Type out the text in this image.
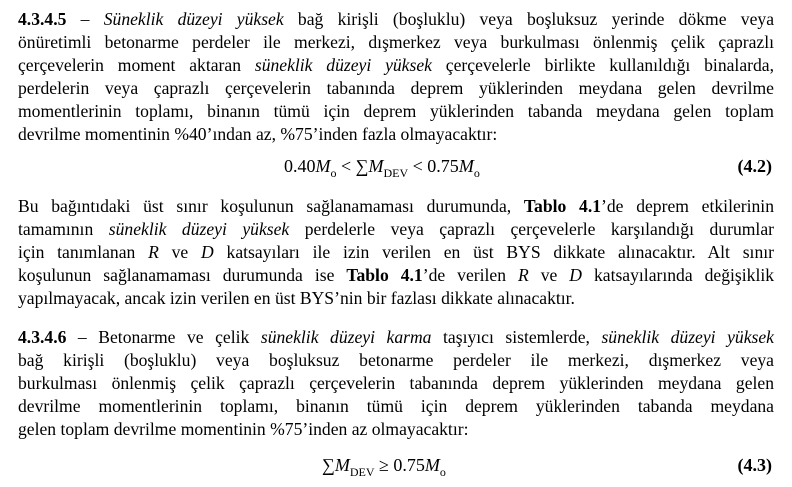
4.3.4.5 – Süneklik düzeyi yüksek bağ kirişli (boşluklu) veya boşluksuz yerinde dökme veya
önüretimli betonarme perdeler ile merkezi, dışmerkez veya burkulması önlenmiş çelik çaprazlı
çerçevelerin moment aktaran süneklik düzeyi yüksek çerçevelerle birlikte kullanıldığı binalarda,
perdelerin veya çaprazlı çerçevelerin tabanında deprem yüklerinden meydana gelen devrilme
momentlerinin toplamı, binanın tümü için deprem yüklerinden tabanda meydana gelen toplam
devrilme momentinin %40’ından az, %75’inden fazla olmayacaktır:
$0.40M_o < \sum M_{DEV} < 0.75M_o$	(4.2)
Bu bağıntıdaki üst sınır koşulunun sağlanamaması durumunda, Tablo 4.1’de deprem etkilerinin
tamamının süneklik düzeyi yüksek perdelerle veya çaprazlı çerçevelerle karşılandığı durumlar
için tanımlanan R ve D katsayıları ile izin verilen en üst BYS dikkate alınacaktır. Alt sınır
koşulunun sağlanamaması durumunda ise Tablo 4.1’de verilen R ve D katsayılarında değişiklik
yapılmayacak, ancak izin verilen en üst BYS’nin bir fazlası dikkate alınacaktır.
4.3.4.6 – Betonarme ve çelik süneklik düzeyi karma taşıyıcı sistemlerde, süneklik düzeyi yüksek
bağ kirişli (boşluklu) veya boşluksuz betonarme perdeler ile merkezi, dışmerkez veya
burkulması önlenmiş çelik çaprazlı çerçevelerin tabanında deprem yüklerinden meydana gelen
devrilme momentlerinin toplamı, binanın tümü için deprem yüklerinden tabanda meydana
gelen toplam devrilme momentinin %75’inden az olmayacaktır:
$\sum M_{DEV} \ge 0.75M_o$	(4.3)
